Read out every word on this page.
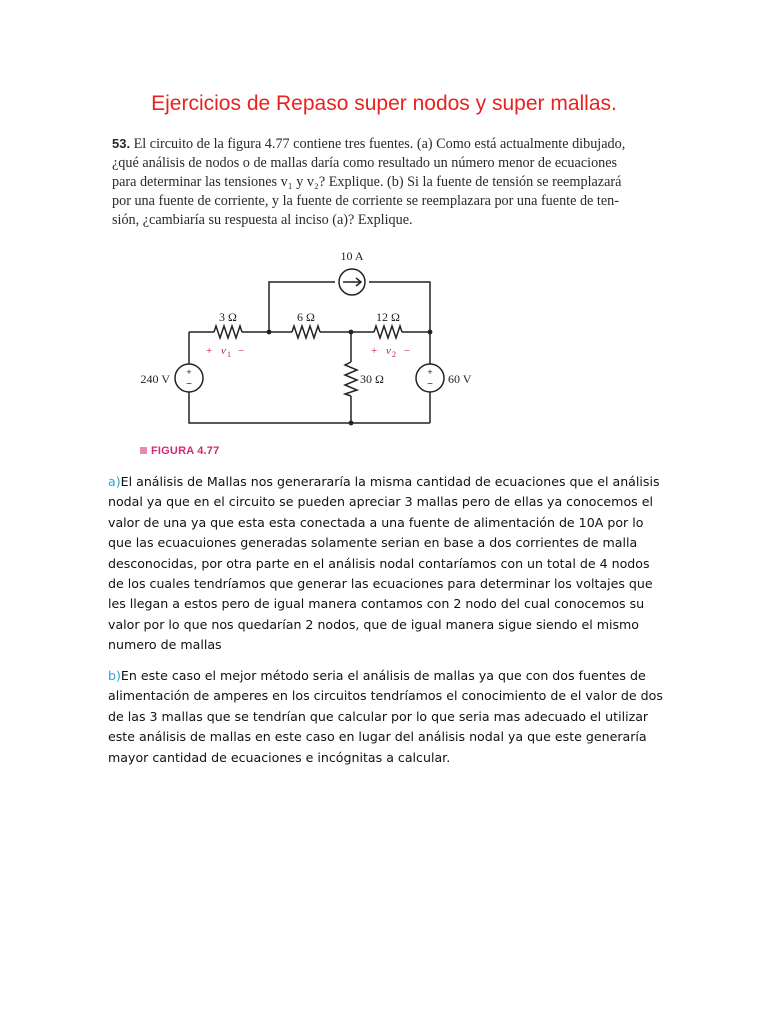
Ejercicios de Repaso super nodos y super mallas.
53. El circuito de la figura 4.77 contiene tres fuentes. (a) Como está actualmente dibujado,
¿qué análisis de nodos o de mallas daría como resultado un número menor de ecuaciones
para determinar las tensiones v₁ y v₂? Explique. (b) Si la fuente de tensión se reemplazará
por una fuente de corriente, y la fuente de corriente se reemplazara por una fuente de ten-
sión, ¿cambiaría su respuesta al inciso (a)? Explique.
+
−
+
−
10 A
3 Ω	6 Ω	12 Ω
30 Ω
240 V	60 V
+ v 1 −	+ v 2 −
FIGURA 4.77
a)El análisis de Mallas nos generararía la misma cantidad de ecuaciones que el análisis nodal ya que en el circuito se pueden apreciar 3 mallas pero de ellas ya conocemos el valor de una ya que esta esta conectada a una fuente de alimentación de 10A por lo que las ecuacuiones generadas solamente serian en base a dos corrientes de malla desconocidas, por otra parte en el análisis nodal contaríamos con un total de 4 nodos de los cuales tendríamos que generar las ecuaciones para determinar los voltajes que les llegan a estos pero de igual manera contamos con 2 nodo del cual conocemos su valor por lo que nos quedarían 2 nodos, que de igual manera sigue siendo el mismo numero de mallas
b)En este caso el mejor método seria el análisis de mallas ya que con dos fuentes de alimentación de amperes en los circuitos tendríamos el conocimiento de el valor de dos de las 3 mallas que se tendrían que calcular por lo que seria mas adecuado el utilizar este análisis de mallas en este caso en lugar del análisis nodal ya que este generaría mayor cantidad de ecuaciones e incógnitas a calcular.
